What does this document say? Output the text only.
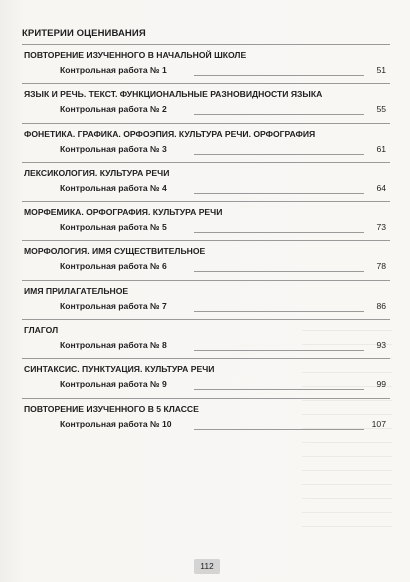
КРИТЕРИИ ОЦЕНИВАНИЯ
ПОВТОРЕНИЕ ИЗУЧЕННОГО В НАЧАЛЬНОЙ ШКОЛЕ
Контрольная работа № 1	51
ЯЗЫК И РЕЧЬ. ТЕКСТ. ФУНКЦИОНАЛЬНЫЕ РАЗНОВИДНОСТИ ЯЗЫКА
Контрольная работа № 2	55
ФОНЕТИКА. ГРАФИКА. ОРФОЭПИЯ. КУЛЬТУРА РЕЧИ. ОРФОГРАФИЯ
Контрольная работа № 3	61
ЛЕКСИКОЛОГИЯ. КУЛЬТУРА РЕЧИ
Контрольная работа № 4	64
МОРФЕМИКА. ОРФОГРАФИЯ. КУЛЬТУРА РЕЧИ
Контрольная работа № 5	73
МОРФОЛОГИЯ. ИМЯ СУЩЕСТВИТЕЛЬНОЕ
Контрольная работа № 6	78
ИМЯ ПРИЛАГАТЕЛЬНОЕ
Контрольная работа № 7	86
ГЛАГОЛ
Контрольная работа № 8	93
СИНТАКСИС. ПУНКТУАЦИЯ. КУЛЬТУРА РЕЧИ
Контрольная работа № 9	99
ПОВТОРЕНИЕ ИЗУЧЕННОГО В 5 КЛАССЕ
Контрольная работа № 10	107
112
